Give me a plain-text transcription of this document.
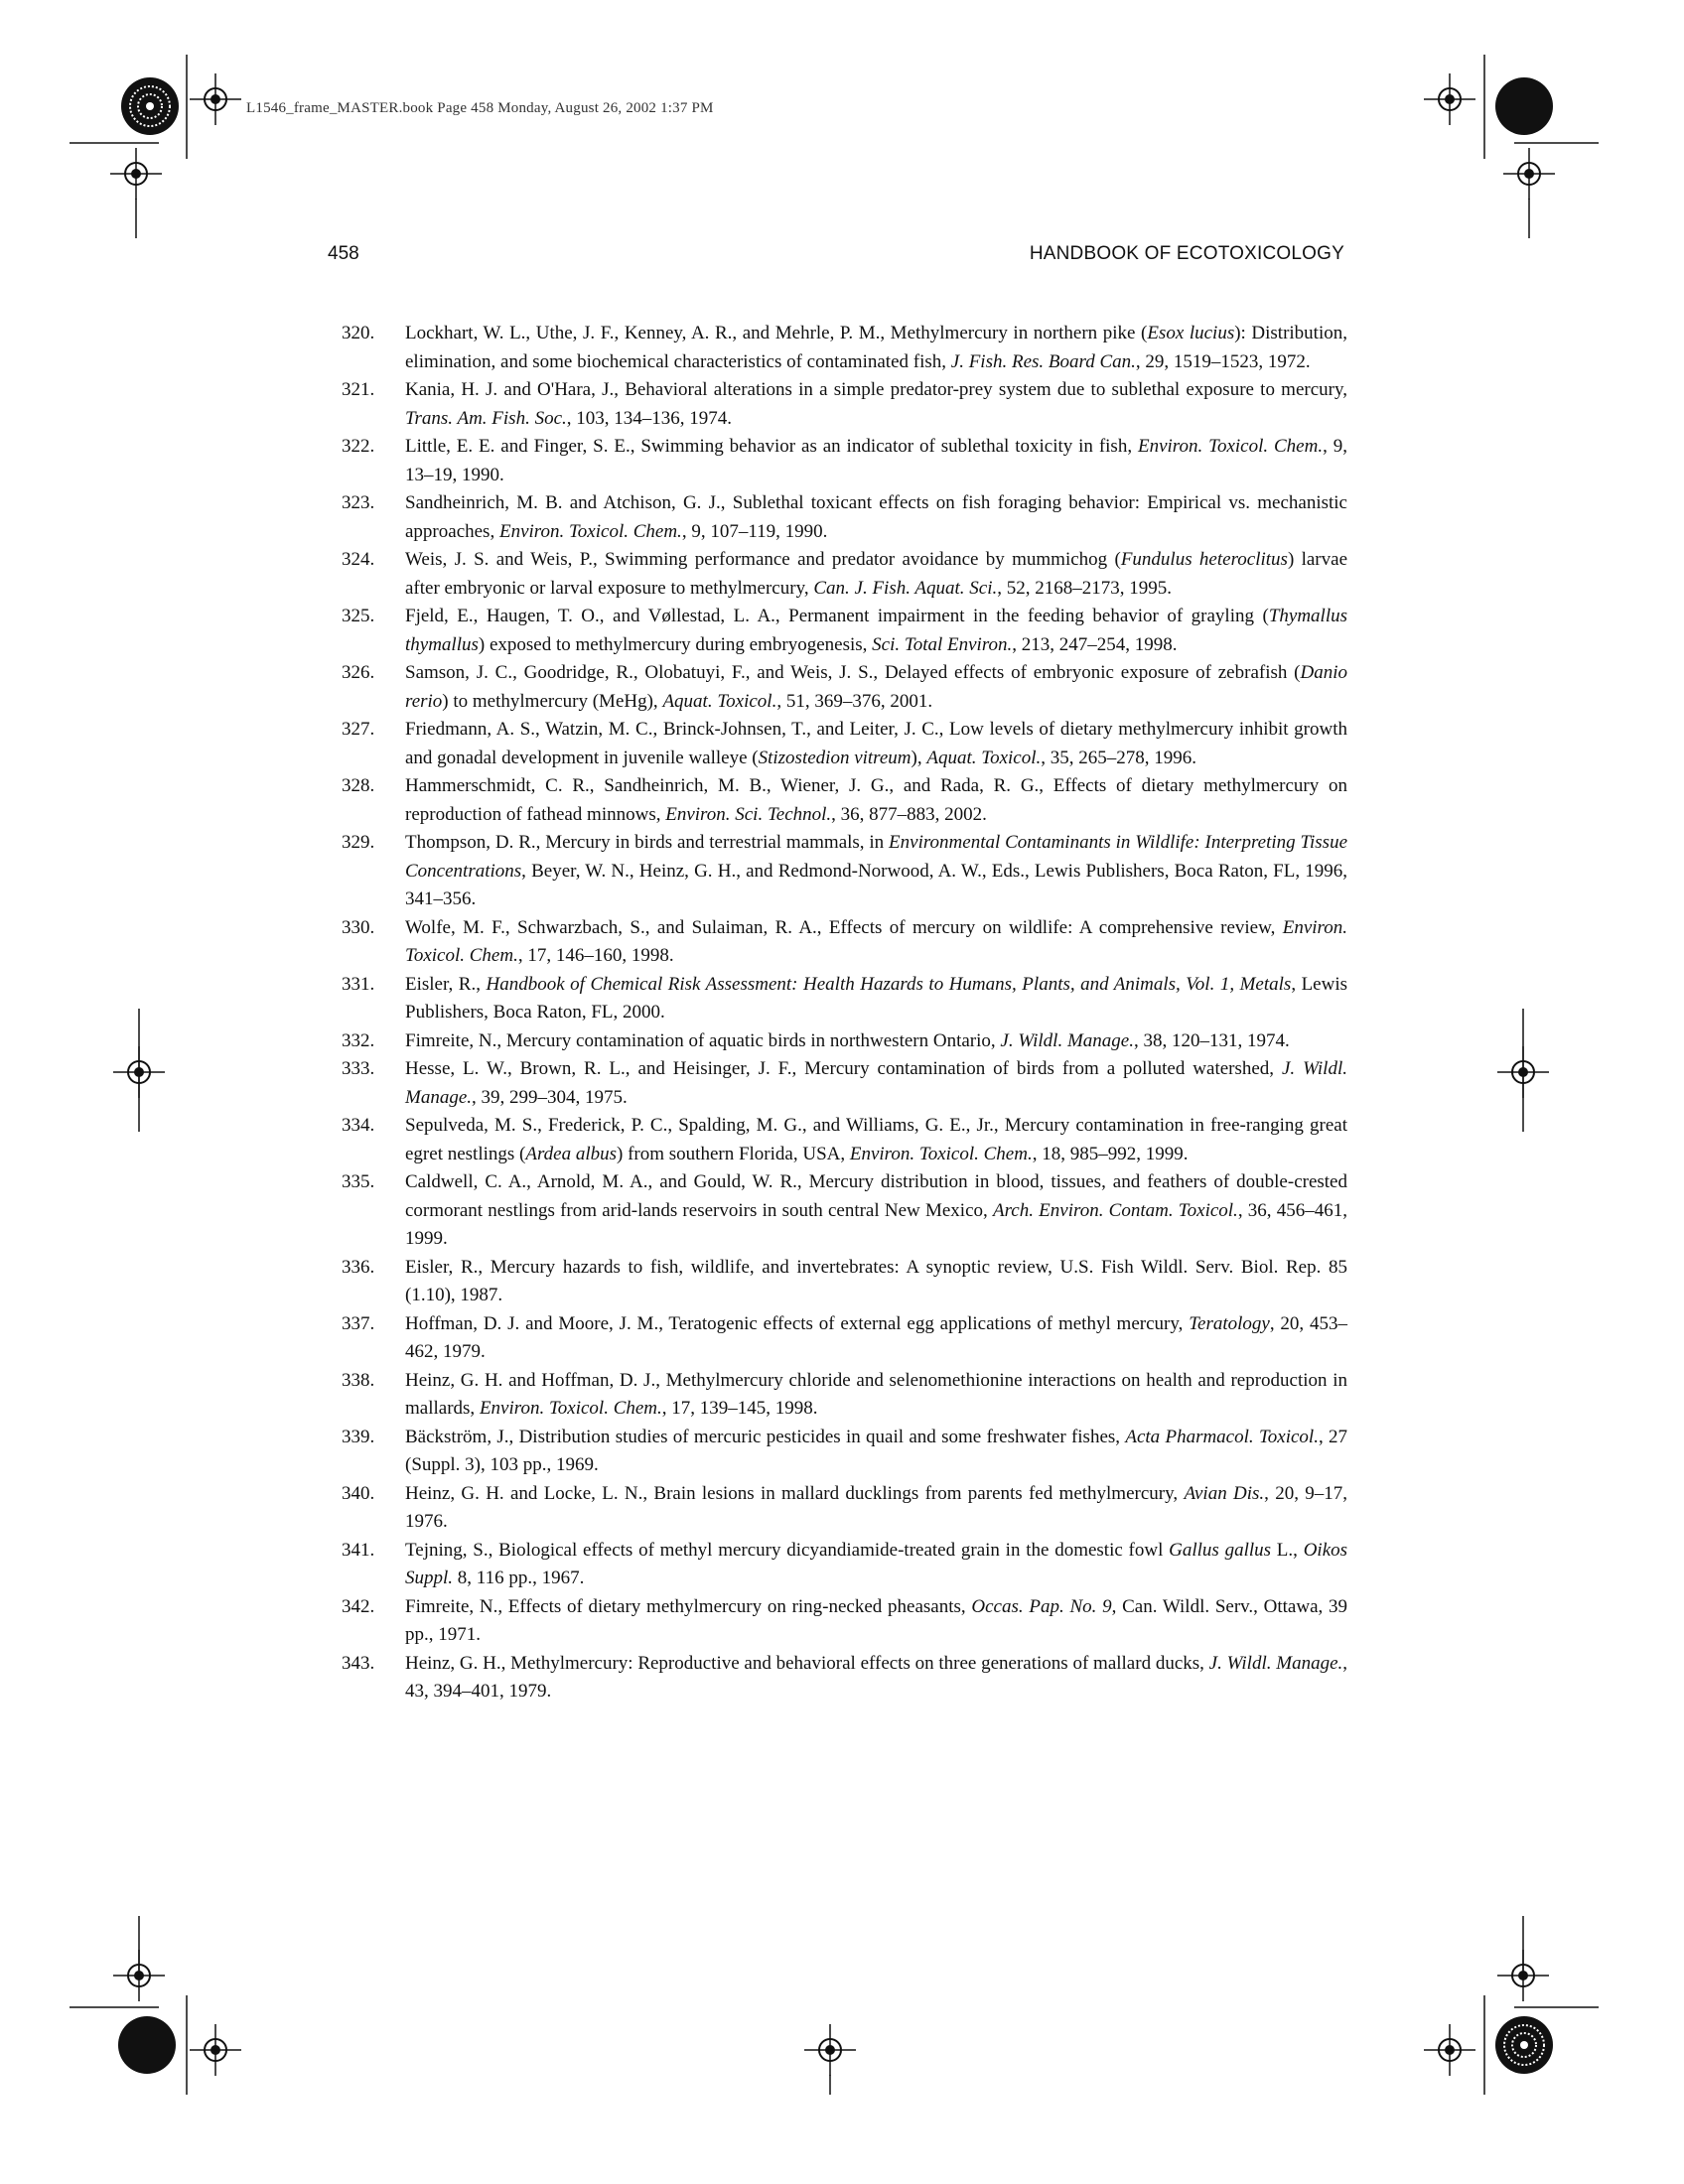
L1546_frame_MASTER.book Page 458 Monday, August 26, 2002 1:37 PM
458	HANDBOOK OF ECOTOXICOLOGY
320.	Lockhart, W. L., Uthe, J. F., Kenney, A. R., and Mehrle, P. M., Methylmercury in northern pike (Esox lucius): Distribution, elimination, and some biochemical characteristics of contaminated fish, J. Fish. Res. Board Can., 29, 1519–1523, 1972.
321.	Kania, H. J. and O'Hara, J., Behavioral alterations in a simple predator-prey system due to sublethal exposure to mercury, Trans. Am. Fish. Soc., 103, 134–136, 1974.
322.	Little, E. E. and Finger, S. E., Swimming behavior as an indicator of sublethal toxicity in fish, Environ. Toxicol. Chem., 9, 13–19, 1990.
323.	Sandheinrich, M. B. and Atchison, G. J., Sublethal toxicant effects on fish foraging behavior: Empirical vs. mechanistic approaches, Environ. Toxicol. Chem., 9, 107–119, 1990.
324.	Weis, J. S. and Weis, P., Swimming performance and predator avoidance by mummichog (Fundulus heteroclitus) larvae after embryonic or larval exposure to methylmercury, Can. J. Fish. Aquat. Sci., 52, 2168–2173, 1995.
325.	Fjeld, E., Haugen, T. O., and Vøllestad, L. A., Permanent impairment in the feeding behavior of grayling (Thymallus thymallus) exposed to methylmercury during embryogenesis, Sci. Total Environ., 213, 247–254, 1998.
326.	Samson, J. C., Goodridge, R., Olobatuyi, F., and Weis, J. S., Delayed effects of embryonic exposure of zebrafish (Danio rerio) to methylmercury (MeHg), Aquat. Toxicol., 51, 369–376, 2001.
327.	Friedmann, A. S., Watzin, M. C., Brinck-Johnsen, T., and Leiter, J. C., Low levels of dietary methylmercury inhibit growth and gonadal development in juvenile walleye (Stizostedion vitreum), Aquat. Toxicol., 35, 265–278, 1996.
328.	Hammerschmidt, C. R., Sandheinrich, M. B., Wiener, J. G., and Rada, R. G., Effects of dietary methylmercury on reproduction of fathead minnows, Environ. Sci. Technol., 36, 877–883, 2002.
329.	Thompson, D. R., Mercury in birds and terrestrial mammals, in Environmental Contaminants in Wildlife: Interpreting Tissue Concentrations, Beyer, W. N., Heinz, G. H., and Redmond-Norwood, A. W., Eds., Lewis Publishers, Boca Raton, FL, 1996, 341–356.
330.	Wolfe, M. F., Schwarzbach, S., and Sulaiman, R. A., Effects of mercury on wildlife: A comprehensive review, Environ. Toxicol. Chem., 17, 146–160, 1998.
331.	Eisler, R., Handbook of Chemical Risk Assessment: Health Hazards to Humans, Plants, and Animals, Vol. 1, Metals, Lewis Publishers, Boca Raton, FL, 2000.
332.	Fimreite, N., Mercury contamination of aquatic birds in northwestern Ontario, J. Wildl. Manage., 38, 120–131, 1974.
333.	Hesse, L. W., Brown, R. L., and Heisinger, J. F., Mercury contamination of birds from a polluted watershed, J. Wildl. Manage., 39, 299–304, 1975.
334.	Sepulveda, M. S., Frederick, P. C., Spalding, M. G., and Williams, G. E., Jr., Mercury contamination in free-ranging great egret nestlings (Ardea albus) from southern Florida, USA, Environ. Toxicol. Chem., 18, 985–992, 1999.
335.	Caldwell, C. A., Arnold, M. A., and Gould, W. R., Mercury distribution in blood, tissues, and feathers of double-crested cormorant nestlings from arid-lands reservoirs in south central New Mexico, Arch. Environ. Contam. Toxicol., 36, 456–461, 1999.
336.	Eisler, R., Mercury hazards to fish, wildlife, and invertebrates: A synoptic review, U.S. Fish Wildl. Serv. Biol. Rep. 85 (1.10), 1987.
337.	Hoffman, D. J. and Moore, J. M., Teratogenic effects of external egg applications of methyl mercury, Teratology, 20, 453–462, 1979.
338.	Heinz, G. H. and Hoffman, D. J., Methylmercury chloride and selenomethionine interactions on health and reproduction in mallards, Environ. Toxicol. Chem., 17, 139–145, 1998.
339.	Bäckström, J., Distribution studies of mercuric pesticides in quail and some freshwater fishes, Acta Pharmacol. Toxicol., 27 (Suppl. 3), 103 pp., 1969.
340.	Heinz, G. H. and Locke, L. N., Brain lesions in mallard ducklings from parents fed methylmercury, Avian Dis., 20, 9–17, 1976.
341.	Tejning, S., Biological effects of methyl mercury dicyandiamide-treated grain in the domestic fowl Gallus gallus L., Oikos Suppl. 8, 116 pp., 1967.
342.	Fimreite, N., Effects of dietary methylmercury on ring-necked pheasants, Occas. Pap. No. 9, Can. Wildl. Serv., Ottawa, 39 pp., 1971.
343.	Heinz, G. H., Methylmercury: Reproductive and behavioral effects on three generations of mallard ducks, J. Wildl. Manage., 43, 394–401, 1979.
